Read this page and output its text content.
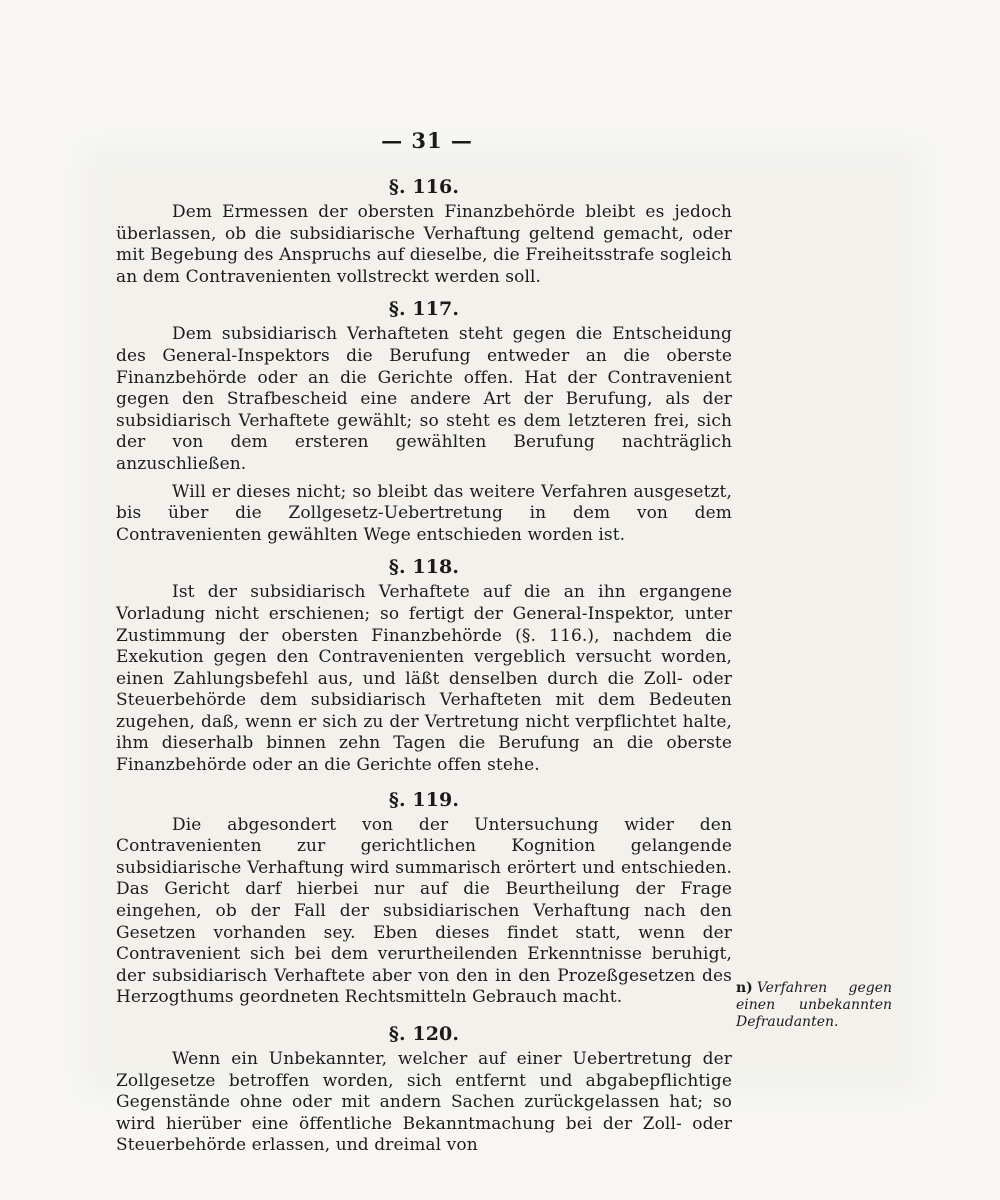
— 31 —

§. 116.

Dem Ermessen der obersten Finanzbehörde bleibt es jedoch überlassen, ob die subsidiarische Verhaftung geltend gemacht, oder mit Begebung des Anspruchs auf dieselbe, die Freiheitsstrafe sogleich an dem Contravenienten vollstreckt werden soll.

§. 117.

Dem subsidiarisch Verhafteten steht gegen die Entscheidung des General-Inspektors die Berufung entweder an die oberste Finanzbehörde oder an die Gerichte offen. Hat der Contravenient gegen den Strafbescheid eine andere Art der Berufung, als der subsidiarisch Verhaftete gewählt; so steht es dem letzteren frei, sich der von dem ersteren gewählten Berufung nachträglich anzuschließen.

Will er dieses nicht; so bleibt das weitere Verfahren ausgesetzt, bis über die Zollgesetz-Uebertretung in dem von dem Contravenienten gewählten Wege entschieden worden ist.

§. 118.

Ist der subsidiarisch Verhaftete auf die an ihn ergangene Vorladung nicht erschienen; so fertigt der General-Inspektor, unter Zustimmung der obersten Finanzbehörde (§. 116.), nachdem die Exekution gegen den Contravenienten vergeblich versucht worden, einen Zahlungsbefehl aus, und läßt denselben durch die Zoll- oder Steuerbehörde dem subsidiarisch Verhafteten mit dem Bedeuten zugehen, daß, wenn er sich zu der Vertretung nicht verpflichtet halte, ihm dieserhalb binnen zehn Tagen die Berufung an die oberste Finanzbehörde oder an die Gerichte offen stehe.

§. 119.

Die abgesondert von der Untersuchung wider den Contravenienten zur gerichtlichen Kognition gelangende subsidiarische Verhaftung wird summarisch erörtert und entschieden. Das Gericht darf hierbei nur auf die Beurtheilung der Frage eingehen, ob der Fall der subsidiarischen Verhaftung nach den Gesetzen vorhanden sey. Eben dieses findet statt, wenn der Contravenient sich bei dem verurtheilenden Erkenntnisse beruhigt, der subsidiarisch Verhaftete aber von den in den Prozeßgesetzen des Herzogthums geordneten Rechtsmitteln Gebrauch macht.

§. 120.

Wenn ein Unbekannter, welcher auf einer Uebertretung der Zollgesetze betroffen worden, sich entfernt und abgabepflichtige Gegenstände ohne oder mit andern Sachen zurückgelassen hat; so wird hierüber eine öffentliche Bekanntmachung bei der Zoll- oder Steuerbehörde erlassen, und dreimal von

n) Verfahren gegen einen unbekannten Defraudanten.
